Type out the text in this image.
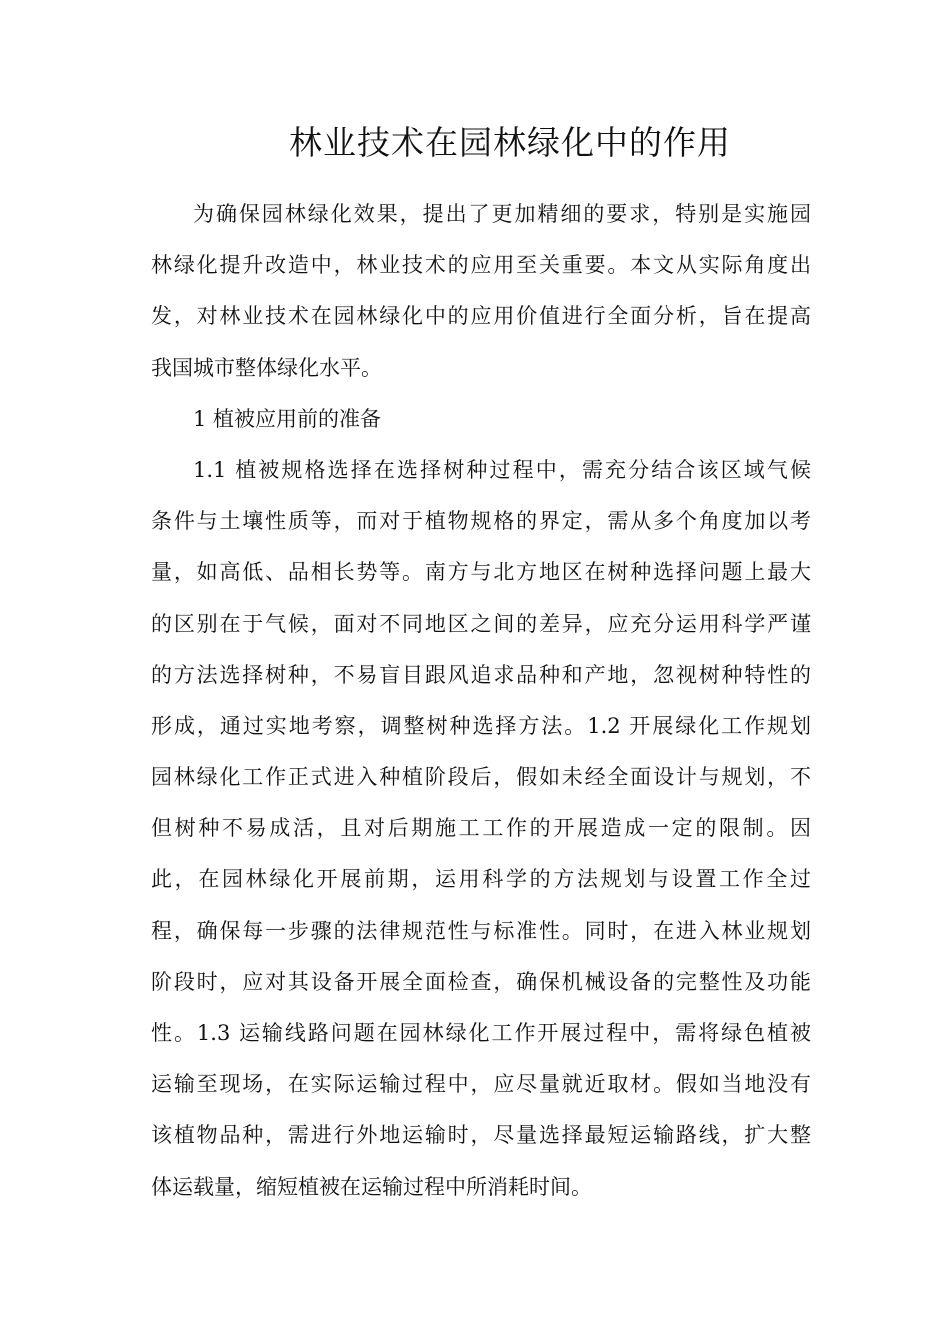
林业技术在园林绿化中的作用
为确保园林绿化效果，提出了更加精细的要求，特别是实施园
林绿化提升改造中，林业技术的应用至关重要。本文从实际角度出
发，对林业技术在园林绿化中的应用价值进行全面分析，旨在提高
我国城市整体绿化水平。
1 植被应用前的准备
1.1 植被规格选择在选择树种过程中，需充分结合该区域气候
条件与土壤性质等，而对于植物规格的界定，需从多个角度加以考
量，如高低、品相长势等。南方与北方地区在树种选择问题上最大
的区别在于气候，面对不同地区之间的差异，应充分运用科学严谨
的方法选择树种，不易盲目跟风追求品种和产地，忽视树种特性的
形成，通过实地考察，调整树种选择方法。1.2 开展绿化工作规划
园林绿化工作正式进入种植阶段后，假如未经全面设计与规划，不
但树种不易成活，且对后期施工工作的开展造成一定的限制。因
此，在园林绿化开展前期，运用科学的方法规划与设置工作全过
程，确保每一步骤的法律规范性与标准性。同时，在进入林业规划
阶段时，应对其设备开展全面检查，确保机械设备的完整性及功能
性。1.3 运输线路问题在园林绿化工作开展过程中，需将绿色植被
运输至现场，在实际运输过程中，应尽量就近取材。假如当地没有
该植物品种，需进行外地运输时，尽量选择最短运输路线，扩大整
体运载量，缩短植被在运输过程中所消耗时间。
